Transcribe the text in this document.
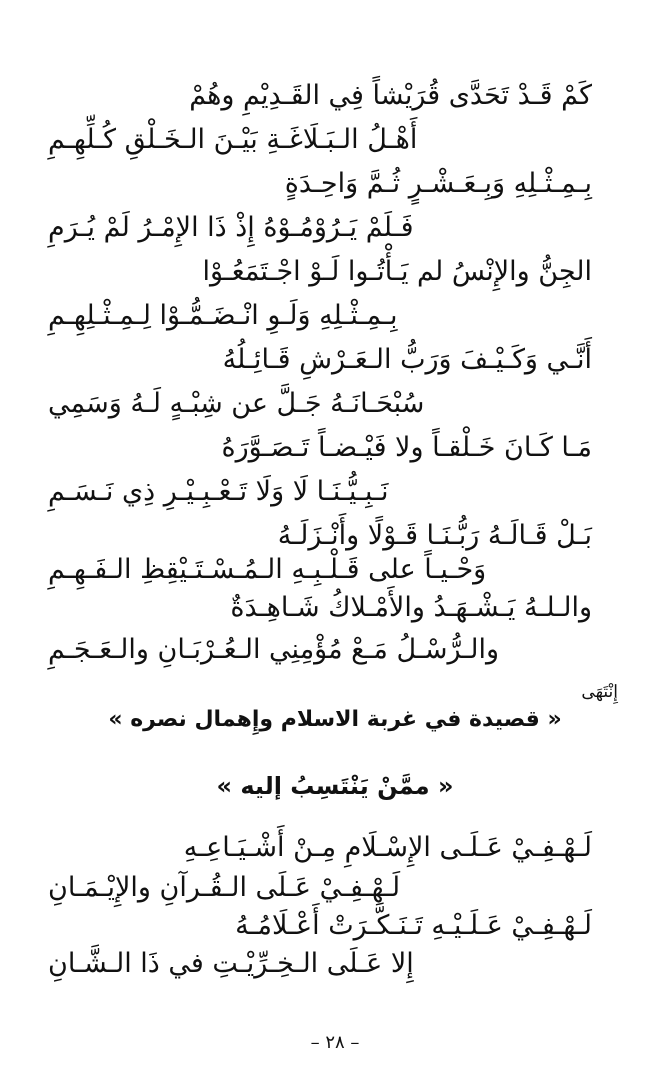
كَمْ قَـدْ تَحَدَّى قُرَيْشاً فِي القَـدِيْمِ وهُمْ
أَهْـلُ الـبَـلَاغَـةِ بَيْـنَ الـخَـلْقِ كُـلِّهِـمِ
بِـمِـثْـلِهِ وَبِـعَـشْـرٍ ثُـمَّ وَاحِـدَةٍ
فَـلَمْ يَـرُوْمُـوْهُ إِذْ ذَا الإِمْـرُ لَمْ يُـرَمِ
الجِنُّ والإِنْسُ لم يَـأْتُـوا لَـوْ اجْـتَمَعُـوْا
بِـمِـثْـلِهِ وَلَـوِ انْـضَـمُّـوْا لِـمِـثْـلِهِـمِ
أَنَّـي وَكَـيْـفَ وَرَبُّ الـعَـرْشِ قَـائِـلُهُ
سُبْحَـانَـهُ جَـلَّ عن شِبْـهٍ لَـهُ وَسَمِي
مَـا كَـانَ خَـلْقـاً ولا فَيْـضـاً تَـصَـوَّرَهُ
نَـبِـيُّـنَـا لَا وَلَا تَـعْـبِـيْـرِ ذِي نَـسَـمِ
بَـلْ قَـالَـهُ رَبُّـنَـا قَـوْلًا وأَنْـزَلَـهُ
وَحْـيـاً على قَـلْـبِـهِ الـمُـسْـتَـيْقِظِ الـفَـهِـمِ
والـلـهُ يَـشْـهَـدُ والأَمْـلاكُ شَـاهِـدَةٌ
والـرُّسْـلُ مَـعْ مُؤْمِنِي الـعُـرْبَـانِ والـعَـجَـمِ
إِنْتَهَى
« قصيدة في غربة الاسلام وإِهمال نصره »
« ممَّنْ يَنْتَسِبُ إليه »
لَـهْـفِـيْ عَـلَـى الإِسْـلَامِ مِـنْ أَشْـيَـاعِـهِ
لَـهْـفِـيْ عَـلَى الـقُـرآنِ والإِيْـمَـانِ
لَـهْـفِـيْ عَـلَـيْـهِ تَـنَـكَّـرَتْ أَعْـلَامُـهُ
إِلا عَـلَى الـخِـرِّيْـتِ في ذَا الـشَّـانِ
– ٢٨ –
